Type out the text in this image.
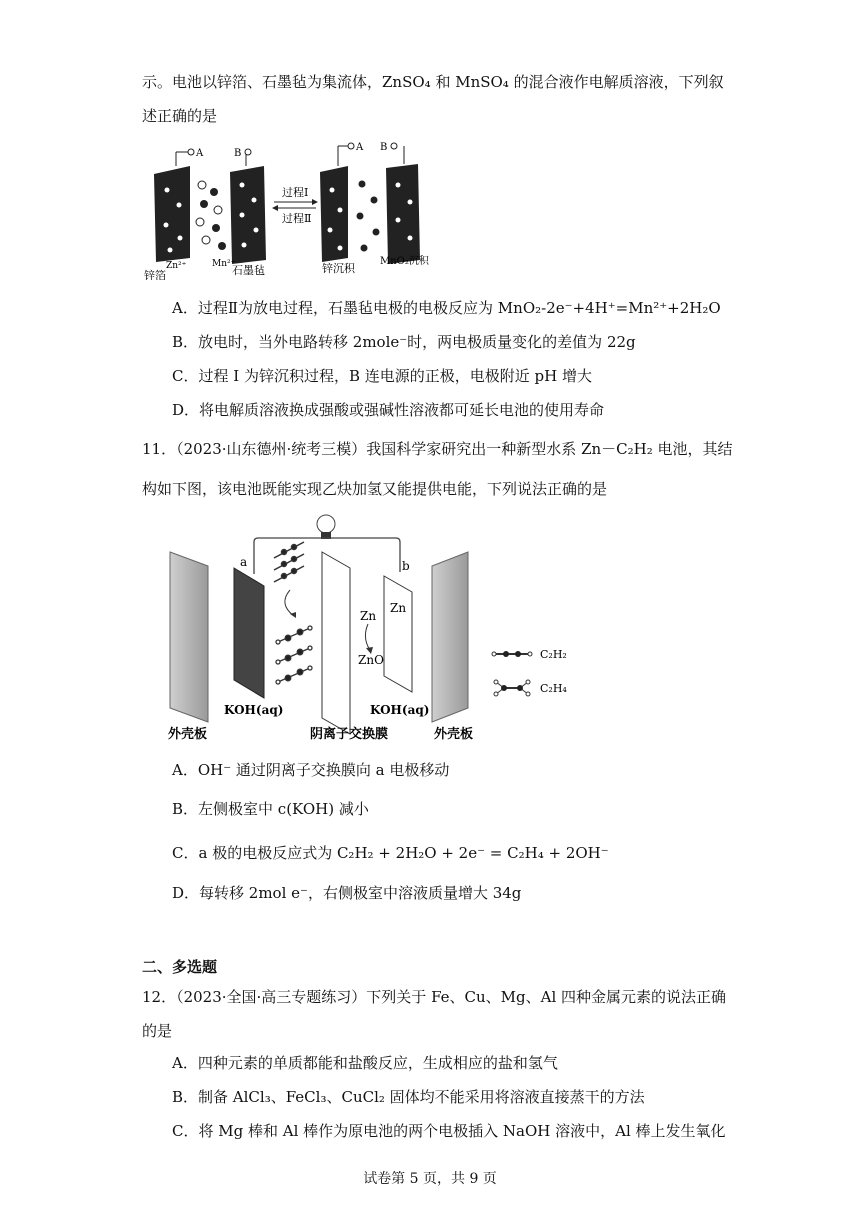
示。电池以锌箔、石墨毡为集流体，ZnSO₄ 和 MnSO₄ 的混合液作电解质溶液，下列叙
述正确的是
A	B
过程Ⅰ
过程Ⅱ
A B
Zn²⁺	Mn²⁺
锌箔	石墨毡	锌沉积
MnO₂沉积
A．过程Ⅱ为放电过程，石墨毡电极的电极反应为 MnO₂-2e⁻+4H⁺=Mn²⁺+2H₂O
B．放电时，当外电路转移 2mole⁻时，两电极质量变化的差值为 22g
C．过程 I 为锌沉积过程，B 连电源的正极，电极附近 pH 增大
D．将电解质溶液换成强酸或强碱性溶液都可延长电池的使用寿命
11．（2023·山东德州·统考三模）我国科学家研究出一种新型水系 Zn－C₂H₂ 电池，其结
构如下图，该电池既能实现乙炔加氢又能提供电能，下列说法正确的是
a	b
Zn
Zn
ZnO
KOH(aq)	KOH(aq)
外壳板	阴离子交换膜	外壳板
C₂H₂
C₂H₄
A．OH⁻ 通过阴离子交换膜向 a 电极移动
B．左侧极室中 c(KOH) 减小
C．a 极的电极反应式为 C₂H₂ + 2H₂O + 2e⁻ = C₂H₄ + 2OH⁻
D．每转移 2mol e⁻，右侧极室中溶液质量增大 34g
二、多选题
12．（2023·全国·高三专题练习）下列关于 Fe、Cu、Mg、Al 四种金属元素的说法正确
的是
A．四种元素的单质都能和盐酸反应，生成相应的盐和氢气
B．制备 AlCl₃、FeCl₃、CuCl₂ 固体均不能采用将溶液直接蒸干的方法
C．将 Mg 棒和 Al 棒作为原电池的两个电极插入 NaOH 溶液中，Al 棒上发生氧化
试卷第 5 页，共 9 页
